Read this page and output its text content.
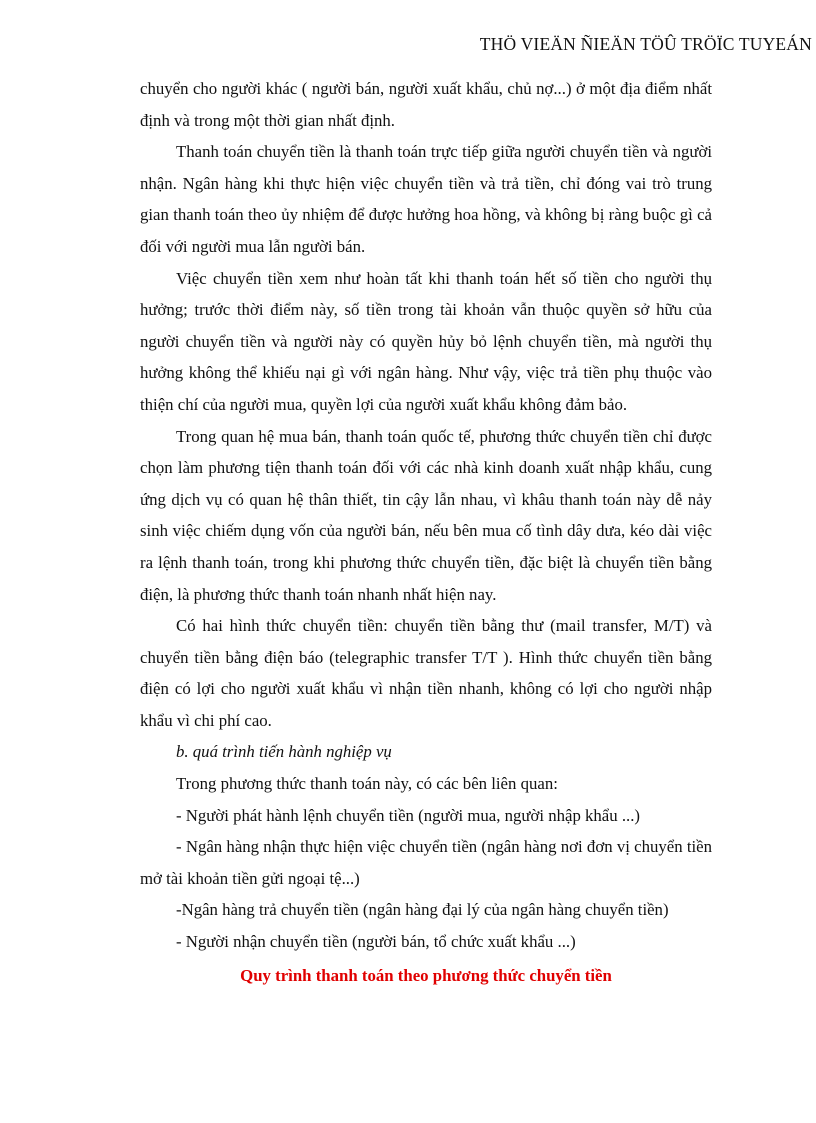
THÖ VIEÄN ÑIEÄN TÖÛ TRÖÏC TUYEÁN

chuyển cho người khác ( người bán, người xuất khẩu, chủ nợ...) ở một địa điểm nhất định và trong một thời gian nhất định.

Thanh toán chuyển tiền là thanh toán trực tiếp giữa người chuyển tiền và người nhận. Ngân hàng khi thực hiện việc chuyển tiền và trả tiền, chỉ đóng vai trò trung gian thanh toán theo ủy nhiệm để được hưởng hoa hồng, và không bị ràng buộc gì cả đối với người mua lẫn người bán.

Việc chuyển tiền xem như hoàn tất khi thanh toán hết số tiền cho người thụ hưởng; trước thời điểm này, số tiền trong tài khoản vẫn thuộc quyền sở hữu của người chuyển tiền và người này có quyền hủy bỏ lệnh chuyển tiền, mà người thụ hưởng không thể khiếu nại gì với ngân hàng. Như vậy, việc trả tiền phụ thuộc vào thiện chí của người mua, quyền lợi của người xuất khẩu không đảm bảo.

Trong quan hệ mua bán, thanh toán quốc tế, phương thức chuyển tiền chỉ được chọn làm phương tiện thanh toán đối với các nhà kinh doanh xuất nhập khẩu, cung ứng dịch vụ có quan hệ thân thiết, tin cậy lẫn nhau, vì khâu thanh toán này dễ nảy sinh việc chiếm dụng vốn của người bán, nếu bên mua cố tình dây dưa, kéo dài việc ra lệnh thanh toán, trong khi phương thức chuyển tiền, đặc biệt là chuyển tiền bằng điện, là phương thức thanh toán nhanh nhất hiện nay.

Có hai hình thức chuyển tiền: chuyển tiền bằng thư (mail transfer, M/T) và chuyển tiền bằng điện báo (telegraphic transfer T/T ). Hình thức chuyển tiền bằng điện có lợi cho người xuất khẩu vì nhận tiền nhanh, không có lợi cho người nhập khẩu vì chi phí cao.

b. quá trình tiến hành nghiệp vụ

Trong phương thức thanh toán này, có các bên liên quan:

- Người phát hành lệnh chuyển tiền (người mua, người nhập khẩu ...)

- Ngân hàng nhận thực hiện việc chuyển tiền (ngân hàng nơi đơn vị chuyển tiền mở tài khoản tiền gửi ngoại tệ...)

-Ngân hàng trả chuyển tiền (ngân hàng đại lý của ngân hàng chuyển tiền)

- Người nhận chuyển tiền (người bán, tổ chức xuất khẩu ...)

Quy trình thanh toán theo phương thức chuyển tiền
